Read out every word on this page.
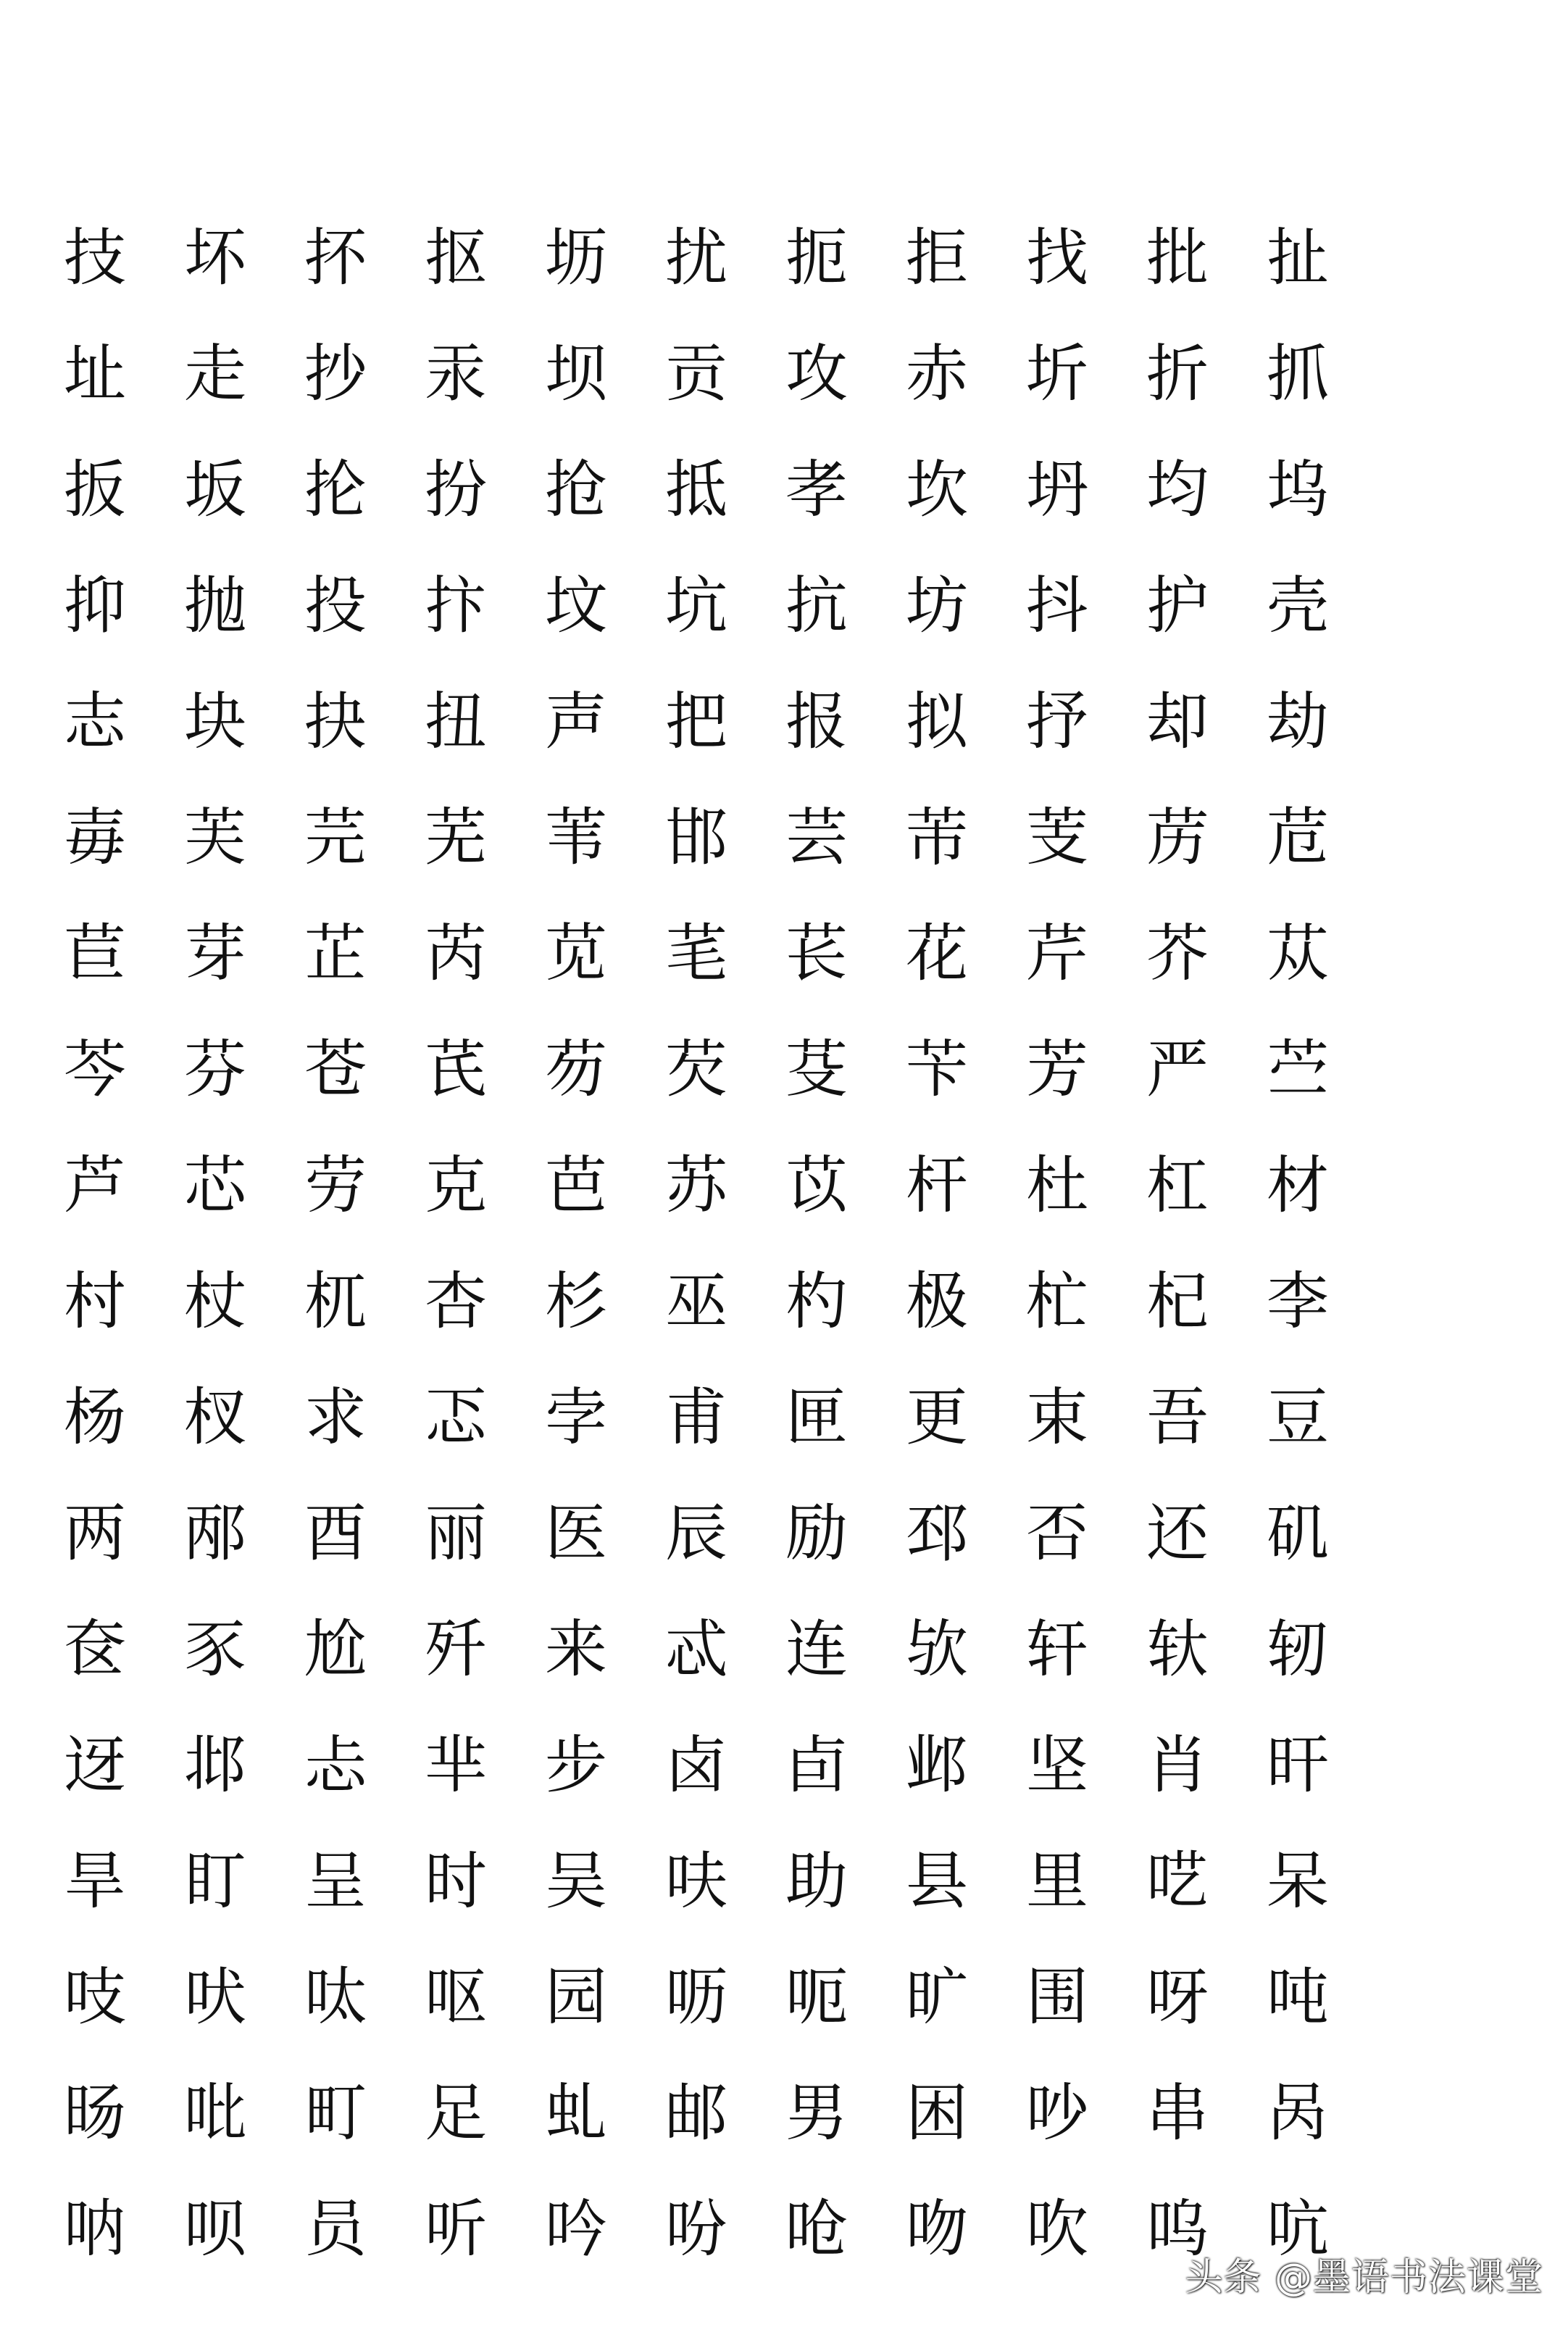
技 坏 抔 抠 坜 扰 扼 拒 找 批 扯
址 走 抄 汞 坝 贡 攻 赤 圻 折 抓
扳 坂 抡 扮 抢 抵 孝 坎 坍 均 坞
抑 抛 投 抃 坟 坑 抗 坊 抖 护 壳
志 块 抉 扭 声 把 报 拟 抒 却 劫
毐 芙 芫 芜 苇 邯 芸 芾 芰 苈 苊
苣 芽 芷 芮 苋 芼 苌 花 芹 芥 苁
芩 芬 苍 芪 芴 芡 芟 苄 芳 严 苎
芦 芯 劳 克 芭 苏 苡 杆 杜 杠 材
村 杖 杌 杏 杉 巫 杓 极 杧 杞 李
杨 杈 求 忑 孛 甫 匣 更 束 吾 豆
两 邴 酉 丽 医 辰 励 邳 否 还 矶
奁 豕 尬 歼 来 忒 连 欤 轩 轪 轫
迓 邶 忐 芈 步 卤 卣 邺 坚 肖 旰
旱 盯 呈 时 吴 呋 助 县 里 呓 呆
吱 吠 呔 呕 园 呖 呃 旷 围 呀 吨
旸 吡 町 足 虬 邮 男 困 吵 串 呙
呐 呗 员 听 吟 吩 呛 吻 吹 呜 吭
头条 @墨语书法课堂
